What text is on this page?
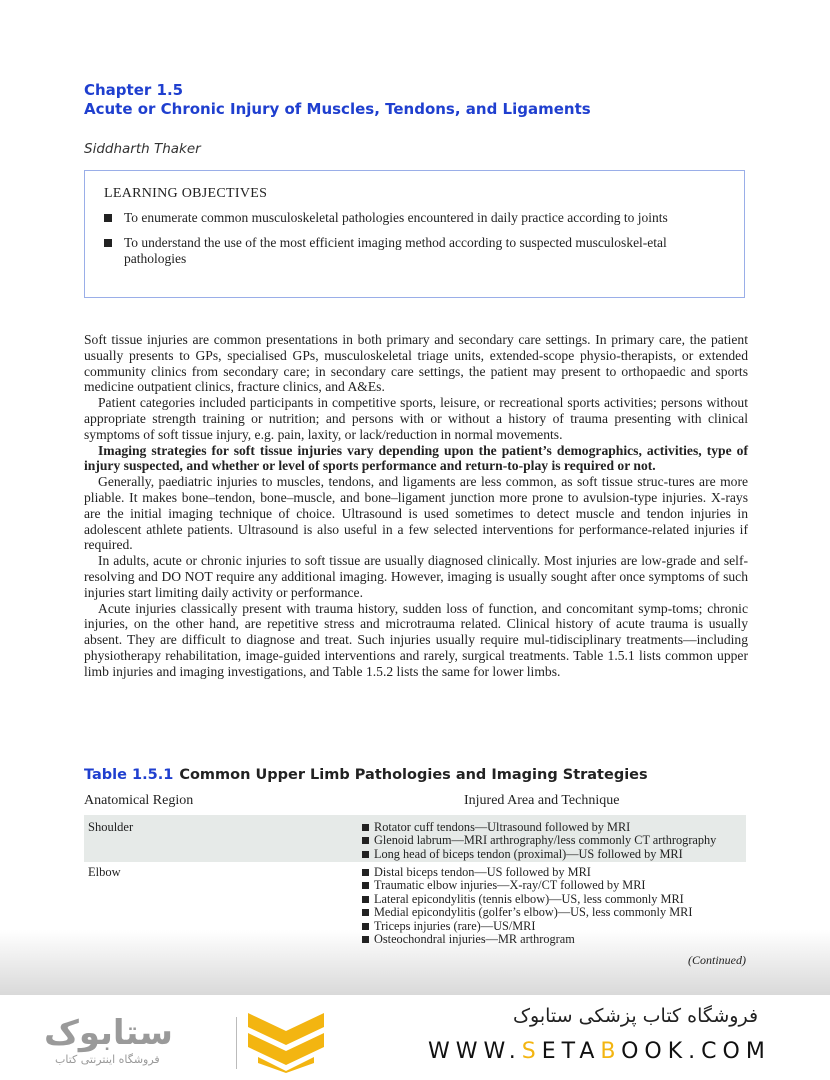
Chapter 1.5
Acute or Chronic Injury of Muscles, Tendons, and Ligaments
Siddharth Thaker
LEARNING OBJECTIVES
To enumerate common musculoskeletal pathologies encountered in daily practice according to joints
To understand the use of the most efficient imaging method according to suspected musculoskel-etal pathologies

Soft tissue injuries are common presentations in both primary and secondary care settings. In primary care, the patient usually presents to GPs, specialised GPs, musculoskeletal triage units, extended-scope physio-therapists, or extended community clinics from secondary care; in secondary care settings, the patient may present to orthopaedic and sports medicine outpatient clinics, fracture clinics, and A&Es.

Patient categories included participants in competitive sports, leisure, or recreational sports activities; persons without appropriate strength training or nutrition; and persons with or without a history of trauma presenting with clinical symptoms of soft tissue injury, e.g. pain, laxity, or lack/reduction in normal movements.

Imaging strategies for soft tissue injuries vary depending upon the patient’s demographics, activities, type of injury suspected, and whether or level of sports performance and return-to-play is required or not.

Generally, paediatric injuries to muscles, tendons, and ligaments are less common, as soft tissue struc-tures are more pliable. It makes bone–tendon, bone–muscle, and bone–ligament junction more prone to avulsion-type injuries. X-rays are the initial imaging technique of choice. Ultrasound is used sometimes to detect muscle and tendon injuries in adolescent athlete patients. Ultrasound is also useful in a few selected interventions for performance-related injuries if required.

In adults, acute or chronic injuries to soft tissue are usually diagnosed clinically. Most injuries are low-grade and self-resolving and DO NOT require any additional imaging. However, imaging is usually sought after once symptoms of such injuries start limiting daily activity or performance.

Acute injuries classically present with trauma history, sudden loss of function, and concomitant symp-toms; chronic injuries, on the other hand, are repetitive stress and microtrauma related. Clinical history of acute trauma is usually absent. They are difficult to diagnose and treat. Such injuries usually require mul-tidisciplinary treatments—including physiotherapy rehabilitation, image-guided interventions and rarely, surgical treatments. Table 1.5.1 lists common upper limb injuries and imaging investigations, and Table 1.5.2 lists the same for lower limbs.

Table 1.5.1 Common Upper Limb Pathologies and Imaging Strategies
Anatomical Region	Injured Area and Technique
Shoulder	Rotator cuff tendons—Ultrasound followed by MRI
Glenoid labrum—MRI arthrography/less commonly CT arthrography
Long head of biceps tendon (proximal)—US followed by MRI
Elbow	Distal biceps tendon—US followed by MRI
Traumatic elbow injuries—X-ray/CT followed by MRI
Lateral epicondylitis (tennis elbow)—US, less commonly MRI
Medial epicondylitis (golfer’s elbow)—US, less commonly MRI
Triceps injuries (rare)—US/MRI
Osteochondral injuries—MR arthrogram
(Continued)
ستابوک
فروشگاه اینترنتی کتاب
فروشگاه کتاب پزشکی ستابوک
WWW.SETABOOK.COM
